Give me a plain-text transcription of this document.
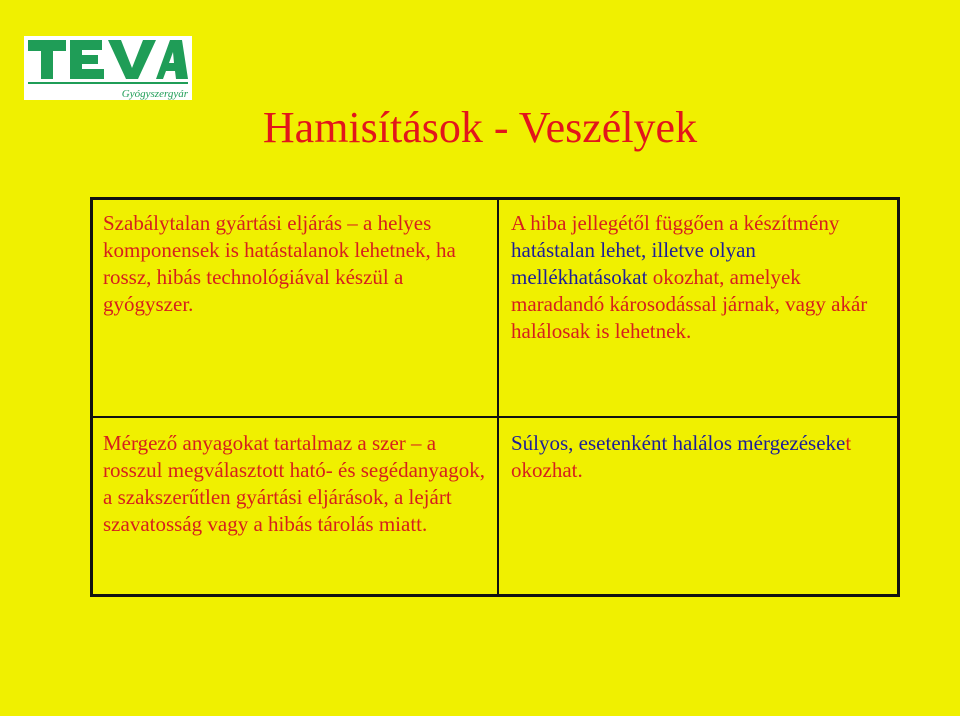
Gyógyszergyár
Hamisítások - Veszélyek

Szabálytalan gyártási eljárás – a helyes komponensek is hatástalanok lehetnek, ha rossz, hibás technológiával készül a gyógyszer.

A hiba jellegétől függően a készítmény hatástalan lehet, illetve olyan mellékhatásokat okozhat, amelyek maradandó károsodással járnak, vagy akár halálosak is lehetnek.

Mérgező anyagokat tartalmaz a szer – a rosszul megválasztott ható- és segédanyagok, a szakszerűtlen gyártási eljárások, a lejárt szavatosság vagy a hibás tárolás miatt.

Súlyos, esetenként halálos mérgezéseket okozhat.
